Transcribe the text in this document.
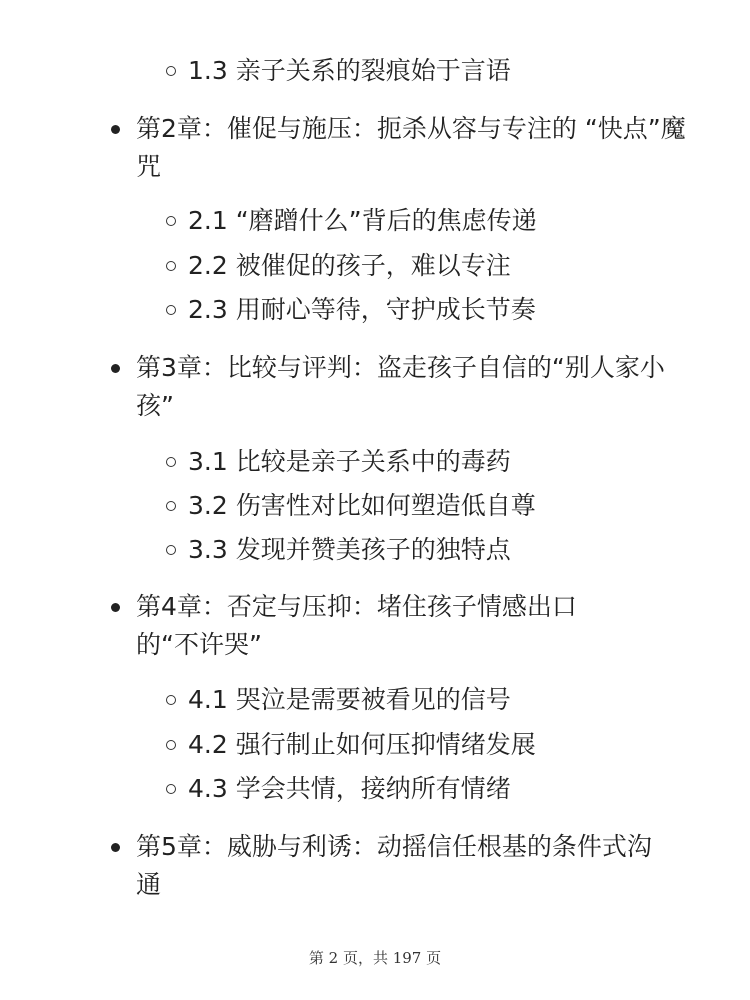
1.3 亲子关系的裂痕始于言语
第2章：催促与施压：扼杀从容与专注的 “快点”魔咒
2.1 “磨蹭什么”背后的焦虑传递
2.2 被催促的孩子，难以专注
2.3 用耐心等待，守护成长节奏
第3章：比较与评判：盗走孩子自信的“别人家小孩”
3.1 比较是亲子关系中的毒药
3.2 伤害性对比如何塑造低自尊
3.3 发现并赞美孩子的独特点
第4章：否定与压抑：堵住孩子情感出口的“不许哭”
4.1 哭泣是需要被看见的信号
4.2 强行制止如何压抑情绪发展
4.3 学会共情，接纳所有情绪
第5章：威胁与利诱：动摇信任根基的条件式沟通
第 2 页，共 197 页
